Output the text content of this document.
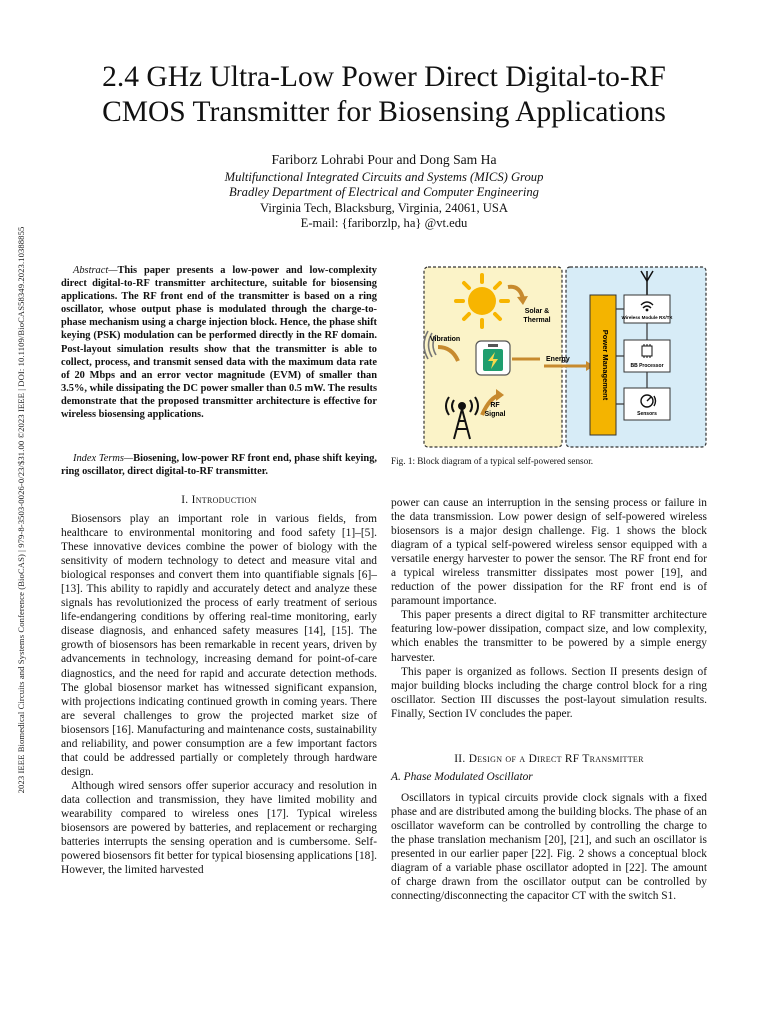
2023 IEEE Biomedical Circuits and Systems Conference (BioCAS) | 979-8-3503-0026-0/23/$31.00 ©2023 IEEE | DOI: 10.1109/BioCAS58349.2023.10388855
2.4 GHz Ultra-Low Power Direct Digital-to-RF
CMOS Transmitter for Biosensing Applications
Fariborz Lohrabi Pour and Dong Sam Ha
Multifunctional Integrated Circuits and Systems (MICS) Group
Bradley Department of Electrical and Computer Engineering
Virginia Tech, Blacksburg, Virginia, 24061, USA
E-mail: {fariborzlp, ha} @vt.edu
Abstract—This paper presents a low-power and low-complexity direct digital-to-RF transmitter architecture, suitable for biosensing applications. The RF front end of the transmitter is based on a ring oscillator, whose output phase is modulated through the charge-to-phase mechanism using a charge injection block. Hence, the phase shift keying (PSK) modulation can be performed directly in the RF domain. Post-layout simulation results show that the transmitter is able to collect, process, and transmit sensed data with the maximum data rate of 20 Mbps and an error vector magnitude (EVM) of smaller than 3.5%, while dissipating the DC power smaller than 0.5 mW. The results demonstrate that the proposed transmitter architecture is effective for wireless biosensing applications.
Index Terms—Biosening, low-power RF front end, phase shift keying, ring oscillator, direct digital-to-RF transmitter.
I. Introduction

Biosensors play an important role in various fields, from healthcare to environmental monitoring and food safety [1]–[5]. These innovative devices combine the power of biology with the sensitivity of modern technology to detect and measure vital and biological responses and convert them into quantifiable signals [6]–[13]. This ability to rapidly and accurately detect and analyze these signals has revolutionized the process of early treatment of serious life-endangering conditions by offering real-time monitoring, early disease diagnosis, and enhanced safety measures [14], [15]. The growth of biosensors has been remarkable in recent years, driven by advancements in technology, increasing demand for point-of-care diagnostics, and the need for rapid and accurate detection methods. The global biosensor market has witnessed significant expansion, with projections indicating continued growth in coming years. There are several challenges to grow the projected market size of biosensors [16]. Manufacturing and maintenance costs, sustainability and reliability, and power consumption are a few important factors that could be addressed partially or completely through hardware design.

Although wired sensors offer superior accuracy and resolution in data collection and transmission, they have limited mobility and wearability compared to wireless ones [17]. Typical wireless biosensors are powered by batteries, and replacement or recharging batteries interrupts the sensing operation and is cumbersome. Self-powered biosensors fit better for typical biosensing applications [18]. However, the limited harvested

Solar &
Thermal
Vibration
Energy
RF
Signal
Power Management
Wireless Module RX/TX
BB Processor
Sensors
Fig. 1: Block diagram of a typical self-powered sensor.

power can cause an interruption in the sensing process or failure in the data transmission. Low power design of self-powered wireless biosensors is a major design challenge. Fig. 1 shows the block diagram of a typical self-powered wireless sensor equipped with a versatile energy harvester to power the sensor. The RF front end for a typical wireless transmitter dissipates most power [19], and reduction of the power dissipation for the RF front end is of paramount importance.

This paper presents a direct digital to RF transmitter architecture featuring low-power dissipation, compact size, and low complexity, which enables the transmitter to be powered by a simple energy harvester.

This paper is organized as follows. Section II presents design of major building blocks including the charge control block for a ring oscillator. Section III discusses the post-layout simulation results. Finally, Section IV concludes the paper.

II. Design of a Direct RF Transmitter
A. Phase Modulated Oscillator

Oscillators in typical circuits provide clock signals with a fixed phase and are distributed among the building blocks. The phase of an oscillator waveform can be controlled by controlling the charge to the phase translation mechanism [20], [21], and such an oscillator is presented in our earlier paper [22]. Fig. 2 shows a conceptual block diagram of a variable phase oscillator adopted in [22]. The amount of charge drawn from the oscillator output can be controlled by connecting/disconnecting the capacitor CT with the switch S1.
